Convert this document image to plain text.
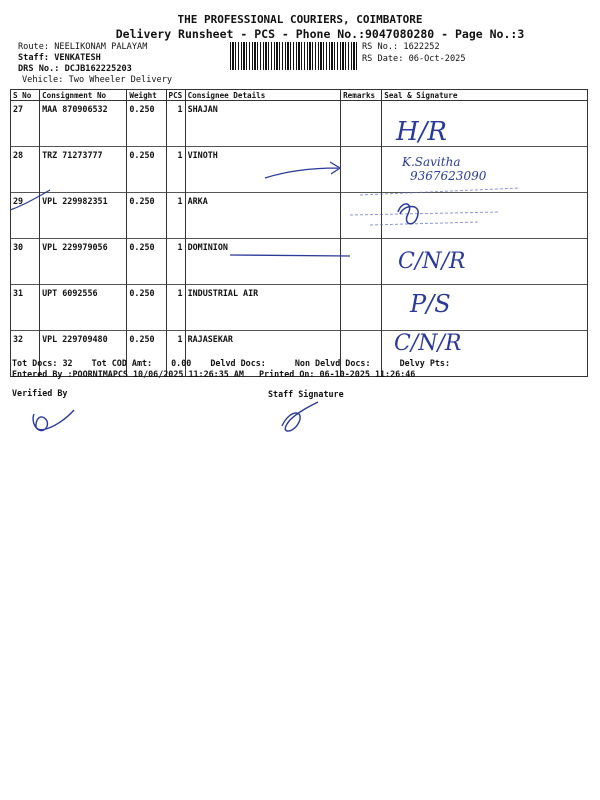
THE PROFESSIONAL COURIERS, COIMBATORE
Delivery Runsheet - PCS - Phone No.:9047080280 - Page No.:3
Route: NEELIKONAM PALAYAM
Staff: VENKATESH
DRS No.: DCJB162225203
Vehicle: Two Wheeler Delivery
RS No.: 1622252
RS Date: 06-Oct-2025
S No	Consignment No	Weight	PCS	Consignee Details	Remarks	Seal & Signature
27	MAA 870906532	0.250	1	SHAJAN		
28	TRZ 71273777	0.250	1	VINOTH		
29	VPL 229982351	0.250	1	ARKA		
30	VPL 229979056	0.250	1	DOMINION		
31	UPT 6092556	0.250	1	INDUSTRIAL AIR		
32	VPL 229709480	0.250	1	RAJASEKAR		
Tot Docs: 32 Tot COD Amt: 0.00 Delvd Docs:	Non Delvd Docs:	Delvy Pts:
Entered By :POORNIMAPCS 10/06/2025 11:26:35 AM Printed On: 06-10-2025 11:26:46
Verified By	Staff Signature
H/R
K.Savitha
9367623090
C/N/R
P/S
C/N/R
